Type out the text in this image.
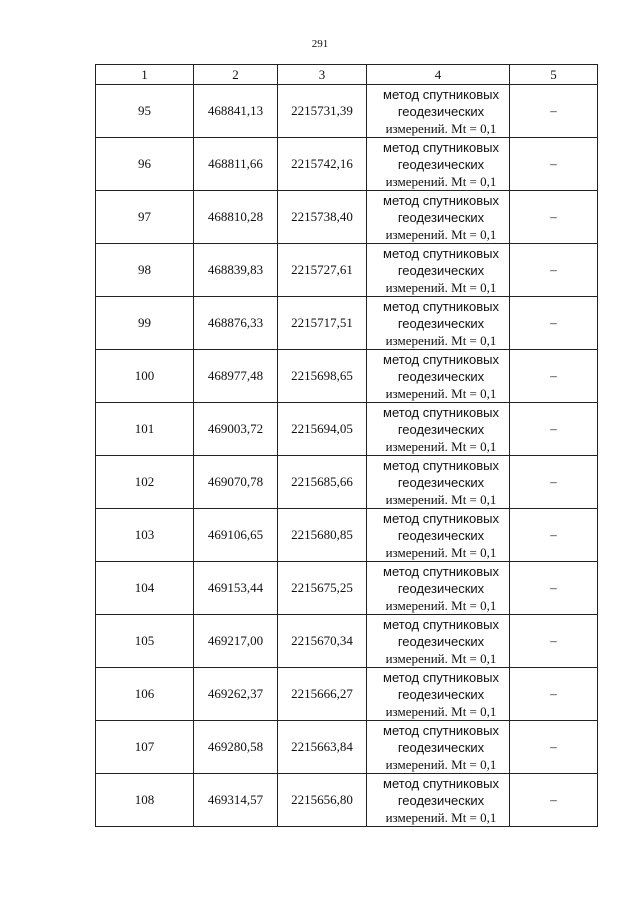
291
1	2	3	4	5
95	468841,13	2215731,39	метод спутниковых
геодезических
измерений. Mt = 0,1	–
96	468811,66	2215742,16	метод спутниковых
геодезических
измерений. Mt = 0,1	–
97	468810,28	2215738,40	метод спутниковых
геодезических
измерений. Mt = 0,1	–
98	468839,83	2215727,61	метод спутниковых
геодезических
измерений. Mt = 0,1	–
99	468876,33	2215717,51	метод спутниковых
геодезических
измерений. Mt = 0,1	–
100	468977,48	2215698,65	метод спутниковых
геодезических
измерений. Mt = 0,1	–
101	469003,72	2215694,05	метод спутниковых
геодезических
измерений. Mt = 0,1	–
102	469070,78	2215685,66	метод спутниковых
геодезических
измерений. Mt = 0,1	–
103	469106,65	2215680,85	метод спутниковых
геодезических
измерений. Mt = 0,1	–
104	469153,44	2215675,25	метод спутниковых
геодезических
измерений. Mt = 0,1	–
105	469217,00	2215670,34	метод спутниковых
геодезических
измерений. Mt = 0,1	–
106	469262,37	2215666,27	метод спутниковых
геодезических
измерений. Mt = 0,1	–
107	469280,58	2215663,84	метод спутниковых
геодезических
измерений. Mt = 0,1	–
108	469314,57	2215656,80	метод спутниковых
геодезических
измерений. Mt = 0,1	–
